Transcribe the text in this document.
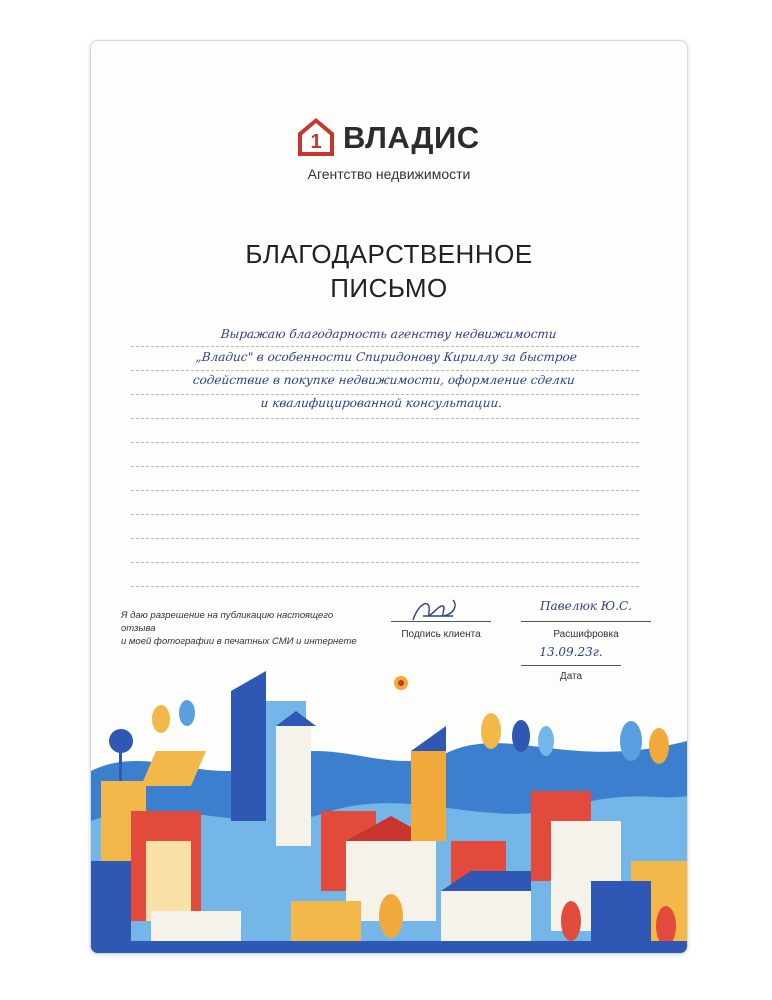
1 ВЛАДИС
Агентство недвижимости
БЛАГОДАРСТВЕННОЕ
ПИСЬМО
Выражаю благодарность агенству недвижимости
„Владис" в особенности Спиридонову Кириллу за быстрое
содействие в покупке недвижимости, оформление сделки
и квалифицированной консультации.
Я даю разрешение на публикацию настоящего отзыва
и моей фотографии в печатных СМИ и интернете
Подпись клиента
Павелюк Ю.С.
Расшифровка
13.09.23г.
Дата
